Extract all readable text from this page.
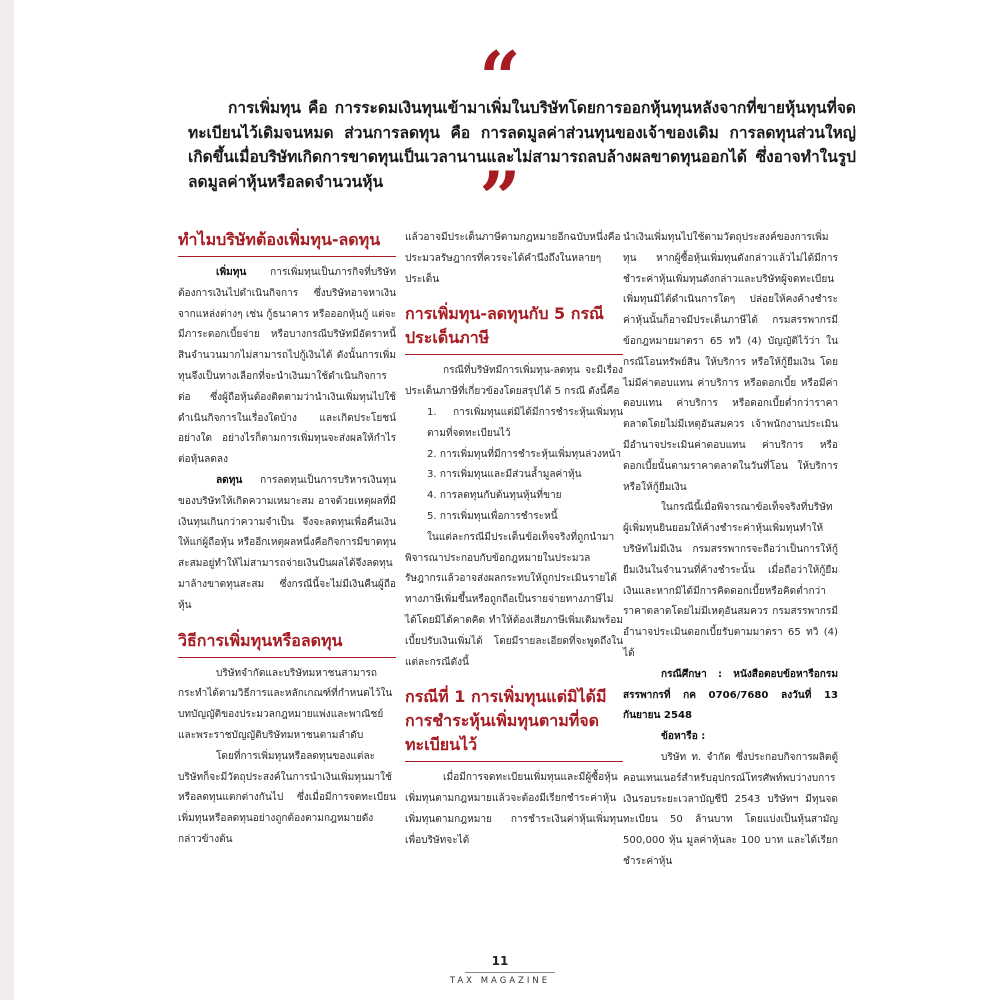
“

การเพิ่มทุน คือ การระดมเงินทุนเข้ามาเพิ่มในบริษัทโดยการออกหุ้นทุนหลังจากที่ขายหุ้นทุนที่จดทะเบียนไว้เดิมจนหมด ส่วนการลดทุน คือ การลดมูลค่าส่วนทุนของเจ้าของเดิม การลดทุนส่วนใหญ่เกิดขึ้นเมื่อบริษัทเกิดการขาดทุนเป็นเวลานานและไม่สามารถลบล้างผลขาดทุนออกได้ ซึ่งอาจทำในรูปลดมูลค่าหุ้นหรือลดจำนวนหุ้น	”
ทำไมบริษัทต้องเพิ่มทุน-ลดทุน

เพิ่มทุน การเพิ่มทุนเป็นภารกิจที่บริษัทต้องการเงินไปดำเนินกิจการ ซึ่งบริษัทอาจหาเงินจากแหล่งต่างๆ เช่น กู้ธนาคาร หรือออกหุ้นกู้ แต่จะมีภาระดอกเบี้ยจ่าย หรือบางกรณีบริษัทมีอัตราหนี้สินจำนวนมากไม่สามารถไปกู้เงินได้ ดังนั้นการเพิ่มทุนจึงเป็นทางเลือกที่จะนำเงินมาใช้ดำเนินกิจการต่อ ซึ่งผู้ถือหุ้นต้องติดตามว่านำเงินเพิ่มทุนไปใช้ดำเนินกิจการในเรื่องใดบ้าง และเกิดประโยชน์อย่างใด อย่างไรก็ตามการเพิ่มทุนจะส่งผลให้กำไรต่อหุ้นลดลง

ลดทุน การลดทุนเป็นการบริหารเงินทุนของบริษัทให้เกิดความเหมาะสม อาจด้วยเหตุผลที่มีเงินทุนเกินกว่าความจำเป็น จึงจะลดทุนเพื่อคืนเงินให้แก่ผู้ถือหุ้น หรืออีกเหตุผลหนึ่งคือกิจการมีขาดทุนสะสมอยู่ทำให้ไม่สามารถจ่ายเงินปันผลได้จึงลดทุนมาล้างขาดทุนสะสม ซึ่งกรณีนี้จะไม่มีเงินคืนผู้ถือหุ้น

วิธีการเพิ่มทุนหรือลดทุน

บริษัทจำกัดและบริษัทมหาชนสามารถกระทำได้ตามวิธีการและหลักเกณฑ์ที่กำหนดไว้ในบทบัญญัติของประมวลกฎหมายแพ่งและพาณิชย์และพระราชบัญญัติบริษัทมหาชนตามลำดับ

โดยที่การเพิ่มทุนหรือลดทุนของแต่ละบริษัทก็จะมีวัตถุประสงค์ในการนำเงินเพิ่มทุนมาใช้หรือลดทุนแตกต่างกันไป ซึ่งเมื่อมีการจดทะเบียนเพิ่มทุนหรือลดทุนอย่างถูกต้องตามกฎหมายดังกล่าวข้างต้น

แล้วอาจมีประเด็นภาษีตามกฎหมายอีกฉบับหนึ่งคือประมวลรัษฎากรที่ควรจะได้คำนึงถึงในหลายๆ ประเด็น

การเพิ่มทุน-ลดทุนกับ 5 กรณีประเด็นภาษี

กรณีที่บริษัทมีการเพิ่มทุน-ลดทุน จะมีเรื่องประเด็นภาษีที่เกี่ยวข้องโดยสรุปได้ 5 กรณี ดังนี้คือ

1. การเพิ่มทุนแต่มิได้มีการชำระหุ้นเพิ่มทุนตามที่จดทะเบียนไว้

2. การเพิ่มทุนที่มีการชำระหุ้นเพิ่มทุนล่วงหน้า

3. การเพิ่มทุนและมีส่วนล้ำมูลค่าหุ้น

4. การลดทุนกับต้นทุนหุ้นที่ขาย

5. การเพิ่มทุนเพื่อการชำระหนี้

ในแต่ละกรณีมีประเด็นข้อเท็จจริงที่ถูกนำมาพิจารณาประกอบกับข้อกฎหมายในประมวลรัษฎากรแล้วอาจส่งผลกระทบให้ถูกประเมินรายได้ทางภาษีเพิ่มขึ้นหรือถูกถือเป็นรายจ่ายทางภาษีไม่ได้โดยมิได้คาดคิด ทำให้ต้องเสียภาษีเพิ่มเติมพร้อมเบี้ยปรับเงินเพิ่มได้ โดยมีรายละเอียดที่จะพูดถึงในแต่ละกรณีดังนี้

กรณีที่ 1 การเพิ่มทุนแต่มิได้มีการชำระหุ้นเพิ่มทุนตามที่จดทะเบียนไว้

เมื่อมีการจดทะเบียนเพิ่มทุนและมีผู้ซื้อหุ้นเพิ่มทุนตามกฎหมายแล้วจะต้องมีเรียกชำระค่าหุ้นเพิ่มทุนตามกฎหมาย การชำระเงินค่าหุ้นเพิ่มทุนเพื่อบริษัทจะได้

นำเงินเพิ่มทุนไปใช้ตามวัตถุประสงค์ของการเพิ่มทุน หากผู้ซื้อหุ้นเพิ่มทุนดังกล่าวแล้วไม่ได้มีการชำระค่าหุ้นเพิ่มทุนดังกล่าวและบริษัทผู้จดทะเบียนเพิ่มทุนมิได้ดำเนินการใดๆ ปล่อยให้คงค้างชำระค่าหุ้นนั้นก็อาจมีประเด็นภาษีได้ กรมสรรพากรมีข้อกฎหมายมาตรา 65 ทวิ (4) บัญญัติไว้ว่า ในกรณีโอนทรัพย์สิน ให้บริการ หรือให้กู้ยืมเงิน โดยไม่มีค่าตอบแทน ค่าบริการ หรือดอกเบี้ย หรือมีค่าตอบแทน ค่าบริการ หรือดอกเบี้ยต่ำกว่าราคาตลาดโดยไม่มีเหตุอันสมควร เจ้าพนักงานประเมินมีอำนาจประเมินค่าตอบแทน ค่าบริการ หรือดอกเบี้ยนั้นตามราคาตลาดในวันที่โอน ให้บริการ หรือให้กู้ยืมเงิน

ในกรณีนี้เมื่อพิจารณาข้อเท็จจริงที่บริษัทผู้เพิ่มทุนยินยอมให้ค้างชำระค่าหุ้นเพิ่มทุนทำให้บริษัทไม่มีเงิน กรมสรรพากรจะถือว่าเป็นการให้กู้ยืมเงินในจำนวนที่ค้างชำระนั้น เมื่อถือว่าให้กู้ยืมเงินและหากมิได้มีการคิดดอกเบี้ยหรือคิดต่ำกว่าราคาตลาดโดยไม่มีเหตุอันสมควร กรมสรรพากรมีอำนาจประเมินดอกเบี้ยรับตามมาตรา 65 ทวิ (4) ได้

กรณีศึกษา : หนังสือตอบข้อหารือกรมสรรพากรที่ กค 0706/7680 ลงวันที่ 13 กันยายน 2548

ข้อหารือ :

บริษัท ท. จำกัด ซึ่งประกอบกิจการผลิตตู้คอนเทนเนอร์สำหรับอุปกรณ์โทรศัพท์พบว่างบการเงินรอบระยะเวลาบัญชีปี 2543 บริษัทฯ มีทุนจดทะเบียน 50 ล้านบาท โดยแบ่งเป็นหุ้นสามัญ 500,000 หุ้น มูลค่าหุ้นละ 100 บาท และได้เรียกชำระค่าหุ้น

11
TAX MAGAZINE
